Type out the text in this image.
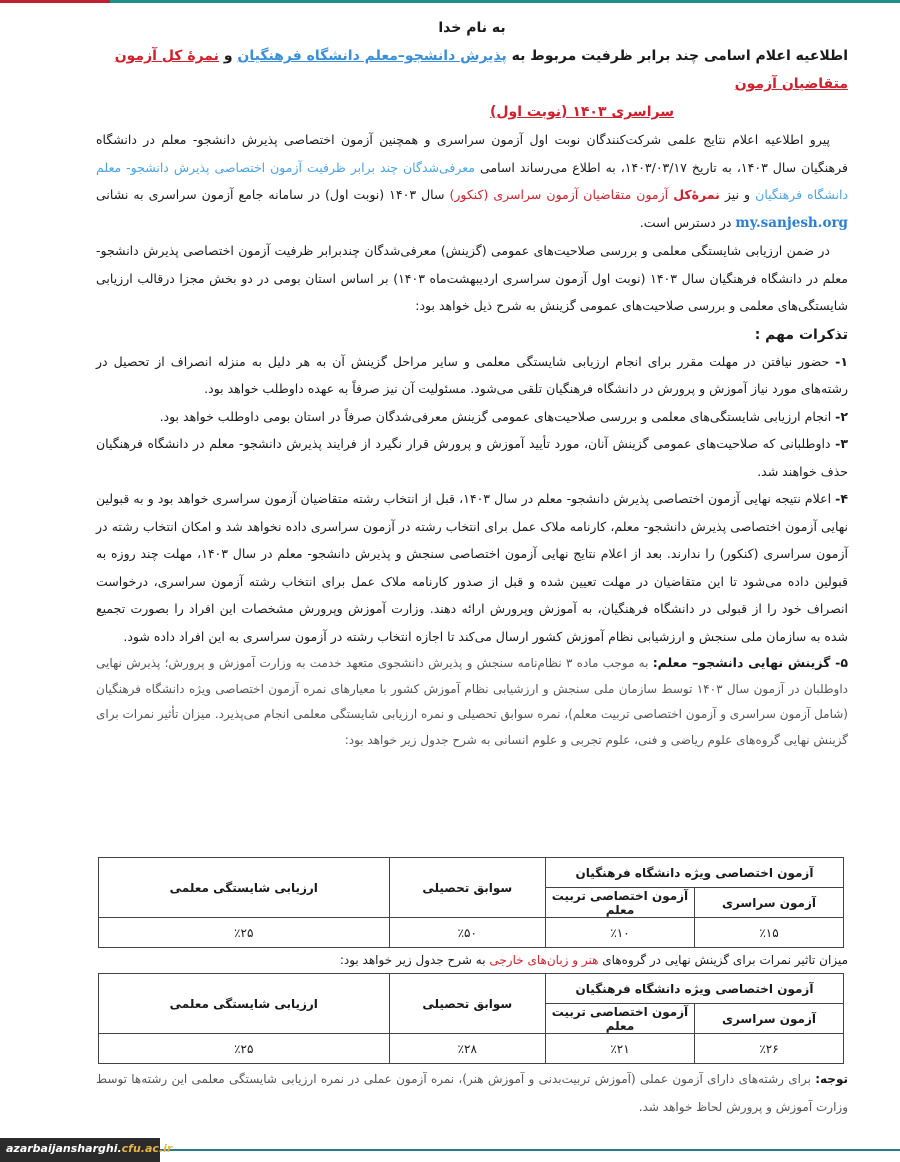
به نام خدا
اطلاعیه اعلام اسامی چند برابر ظرفیت مربوط به پذیرش دانشجو–معلم دانشگاه فرهنگیان و نمرۀ کل آزمون متقاضیان آزمون
سراسری ۱۴۰۳ (نوبت اول)

پیرو اطلاعیه اعلام نتایج علمی شرکت‌کنندگان نوبت اول آزمون سراسری و همچنین آزمون اختصاصی پذیرش دانشجو- معلم در دانشگاه فرهنگیان سال ۱۴۰۳، به تاریخ ۱۴۰۳/۰۳/۱۷، به اطلاع می‌رساند اسامی معرفی‌شدگان چند برابر ظرفیت آزمون اختصاصی پذیرش دانشجو- معلم دانشگاه فرهنگیان و نیز نمرۀکل آزمون متقاضیان آزمون سراسری (کنکور) سال ۱۴۰۳ (نوبت اول) در سامانه جامع آزمون سراسری به نشانی my.sanjesh.org در دسترس است.

در ضمن ارزیابی شایستگی معلمی و بررسی صلاحیت‌های عمومی (گزینش) معرفی‌شدگان چندبرابر ظرفیت آزمون اختصاصی پذیرش دانشجو- معلم در دانشگاه فرهنگیان سال ۱۴۰۳ (نوبت اول آزمون سراسری اردیبهشت‌ماه ۱۴۰۳) بر اساس استان بومی در دو بخش مجزا درقالب ارزیابی شایستگی‌های معلمی و بررسی صلاحیت‌های عمومی گزینش به شرح ذیل خواهد بود:

تذکرات مهم :

۱- حضور نیافتن در مهلت مقرر برای انجام ارزیابی شایستگی معلمی و سایر مراحل گزینش آن به هر دلیل به منزله انصراف از تحصیل در رشته‌های مورد نیاز آموزش و پرورش در دانشگاه فرهنگیان تلقی می‌شود. مسئولیت آن نیز صرفاً به عهده داوطلب خواهد بود.

۲- انجام ارزیابی شایستگی‌های معلمی و بررسی صلاحیت‌های عمومی گزینش معرفی‌شدگان صرفاً در استان بومی داوطلب خواهد بود.

۳- داوطلبانی که صلاحیت‌های عمومی گزینش آنان، مورد تأیید آموزش و پرورش قرار نگیرد از فرایند پذیرش دانشجو- معلم در دانشگاه فرهنگیان حذف خواهند شد.

۴- اعلام نتیجه نهایی آزمون اختصاصی پذیرش دانشجو- معلم در سال ۱۴۰۳، قبل از انتخاب رشته متقاضیان آزمون سراسری خواهد بود و به قبولین نهایی آزمون اختصاصی پذیرش دانشجو- معلم، کارنامه ملاک عمل برای انتخاب رشته در آزمون سراسری داده نخواهد شد و امکان انتخاب رشته در آزمون سراسری (کنکور) را ندارند. بعد از اعلام نتایج نهایی آزمون اختصاصی سنجش و پذیرش دانشجو- معلم در سال ۱۴۰۳، مهلت چند روزه به قبولین داده می‌شود تا این متقاضیان در مهلت تعیین شده و قبل از صدور کارنامه ملاک عمل برای انتخاب رشته آزمون سراسری، درخواست انصراف خود را از قبولی در دانشگاه فرهنگیان، به آموزش وپرورش ارائه دهند. وزارت آموزش وپرورش مشخصات این افراد را بصورت تجمیع شده به سازمان ملی سنجش و ارزشیابی نظام آموزش کشور ارسال می‌کند تا اجازه انتخاب رشته در آزمون سراسری به این افراد داده شود.

۵- گزینش نهایی دانشجو– معلم: به موجب ماده ۳ نظام‌نامه سنجش و پذیرش دانشجوی متعهد خدمت به وزارت آموزش و پرورش؛ پذیرش نهایی داوطلبان در آزمون سال ۱۴۰۳ توسط سازمان ملی سنجش و ارزشیابی نظام آموزش کشور با معیارهای نمره آزمون اختصاصی ویژه دانشگاه فرهنگیان (شامل آزمون سراسری و آزمون اختصاصی تربیت معلم)، نمره سوابق تحصیلی و نمره ارزیابی شایستگی معلمی انجام می‌پذیرد. میزان تأثیر نمرات برای گزینش نهایی گروه‌های علوم ریاضی و فنی، علوم تجربی و علوم انسانی به شرح جدول زیر خواهد بود:

آزمون اختصاصی ویژه دانشگاه فرهنگیان		سوابق تحصیلی	ارزیابی شایستگی معلمی
آزمون سراسری	آزمون اختصاصی تربیت معلم		
٪۱۵	٪۱۰	٪۵۰	٪۲۵
میزان تاثیر نمرات برای گزینش نهایی در گروه‌های هنر و زبان‌های خارجی به شرح جدول زیر خواهد بود:
آزمون اختصاصی ویژه دانشگاه فرهنگیان		سوابق تحصیلی	ارزیابی شایستگی معلمی
آزمون سراسری	آزمون اختصاصی تربیت معلم		
٪۲۶	٪۲۱	٪۲۸	٪۲۵
توجه: برای رشته‌های دارای آزمون عملی (آموزش تربیت‌بدنی و آموزش هنر)، نمره آزمون عملی در نمره ارزیابی شایستگی معلمی این رشته‌ها توسط وزارت آموزش و پرورش لحاظ خواهد شد.
azarbaijansharghi.cfu.ac.ir
